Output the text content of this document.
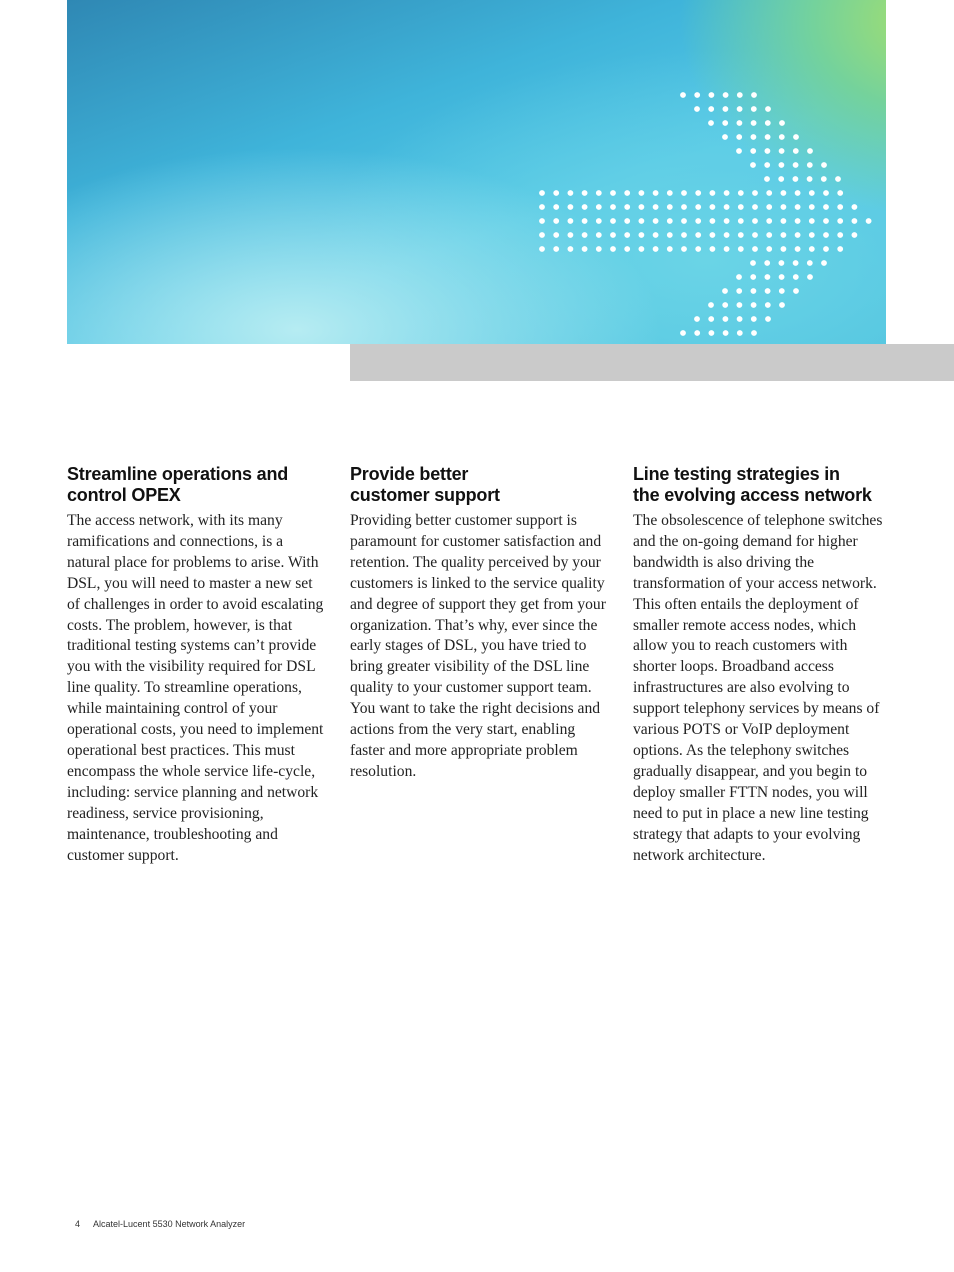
Streamline operations and
control OPEX

The access network, with its many ramifications and connections, is a natural place for problems to arise. With DSL, you will need to master a new set of challenges in order to avoid escalating costs. The problem, however, is that traditional testing systems can’t provide you with the visibility required for DSL line quality. To streamline operations, while maintaining control of your operational costs, you need to implement operational best practices. This must encompass the whole service life-cycle, including: service planning and network readiness, service provisioning, maintenance, troubleshooting and customer support.

Provide better
customer support

Providing better customer support is paramount for customer satisfaction and retention. The quality perceived by your customers is linked to the service quality and degree of support they get from your organization. That’s why, ever since the early stages of DSL, you have tried to bring greater visibility of the DSL line quality to your customer support team. You want to take the right decisions and actions from the very start, enabling faster and more appropriate problem resolution.

Line testing strategies in
the evolving access network

The obsolescence of telephone switches and the on-going demand for higher bandwidth is also driving the transformation of your access network. This often entails the deployment of smaller remote access nodes, which allow you to reach customers with shorter loops. Broadband access infrastructures are also evolving to support telephony services by means of various POTS or VoIP deployment options. As the telephony switches gradually disappear, and you begin to deploy smaller FTTN nodes, you will need to put in place a new line testing strategy that adapts to your evolving network architecture.

4 Alcatel-Lucent 5530 Network Analyzer
